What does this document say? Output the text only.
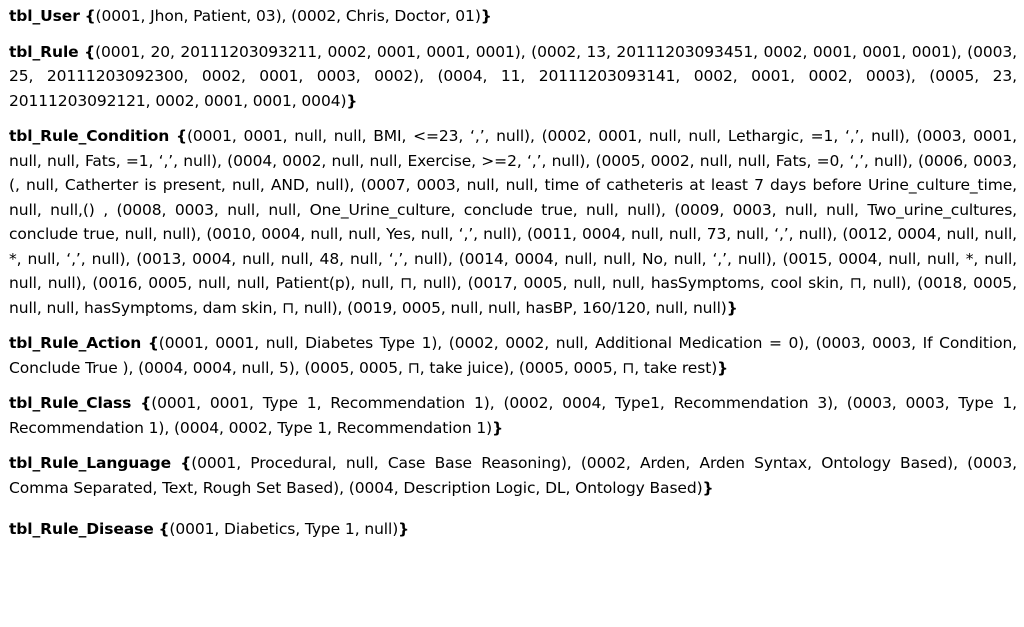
tbl_User {(0001, Jhon, Patient, 03), (0002, Chris, Doctor, 01)}

tbl_Rule {(0001, 20, 20111203093211, 0002, 0001, 0001, 0001), (0002, 13, 20111203093451, 0002, 0001, 0001, 0001), (0003, 25, 20111203092300, 0002, 0001, 0003, 0002), (0004, 11, 20111203093141, 0002, 0001, 0002, 0003), (0005, 23, 20111203092121, 0002, 0001, 0001, 0004)}

tbl_Rule_Condition {(0001, 0001, null, null, BMI, <=23, ‘,’, null), (0002, 0001, null, null, Lethargic, =1, ‘,’, null), (0003, 0001, null, null, Fats, =1, ‘,’, null), (0004, 0002, null, null, Exercise, >=2, ‘,’, null), (0005, 0002, null, null, Fats, =0, ‘,’, null), (0006, 0003, (, null, Catherter is present, null, AND, null), (0007, 0003, null, null, time of catheteris at least 7 days before Urine_culture_time, null, null,() , (0008, 0003, null, null, One_Urine_culture, conclude true, null, null), (0009, 0003, null, null, Two_urine_cultures, conclude true, null, null), (0010, 0004, null, null, Yes, null, ‘,’, null), (0011, 0004, null, null, 73, null, ‘,’, null), (0012, 0004, null, null, *, null, ‘,’, null), (0013, 0004, null, null, 48, null, ‘,’, null), (0014, 0004, null, null, No, null, ‘,’, null), (0015, 0004, null, null, *, null, null, null), (0016, 0005, null, null, Patient(p), null, ⊓, null), (0017, 0005, null, null, hasSymptoms, cool skin, ⊓, null), (0018, 0005, null, null, hasSymptoms, dam skin, ⊓, null), (0019, 0005, null, null, hasBP, 160/120, null, null)}

tbl_Rule_Action {(0001, 0001, null, Diabetes Type 1), (0002, 0002, null, Additional Medication = 0), (0003, 0003, If Condition, Conclude True ), (0004, 0004, null, 5), (0005, 0005, ⊓, take juice), (0005, 0005, ⊓, take rest)}

tbl_Rule_Class {(0001, 0001, Type 1, Recommendation 1), (0002, 0004, Type1, Recommendation 3), (0003, 0003, Type 1, Recommendation 1), (0004, 0002, Type 1, Recommendation 1)}

tbl_Rule_Language {(0001, Procedural, null, Case Base Reasoning), (0002, Arden, Arden Syntax, Ontology Based), (0003, Comma Separated, Text, Rough Set Based), (0004, Description Logic, DL, Ontology Based)}

tbl_Rule_Disease {(0001, Diabetics, Type 1, null)}
